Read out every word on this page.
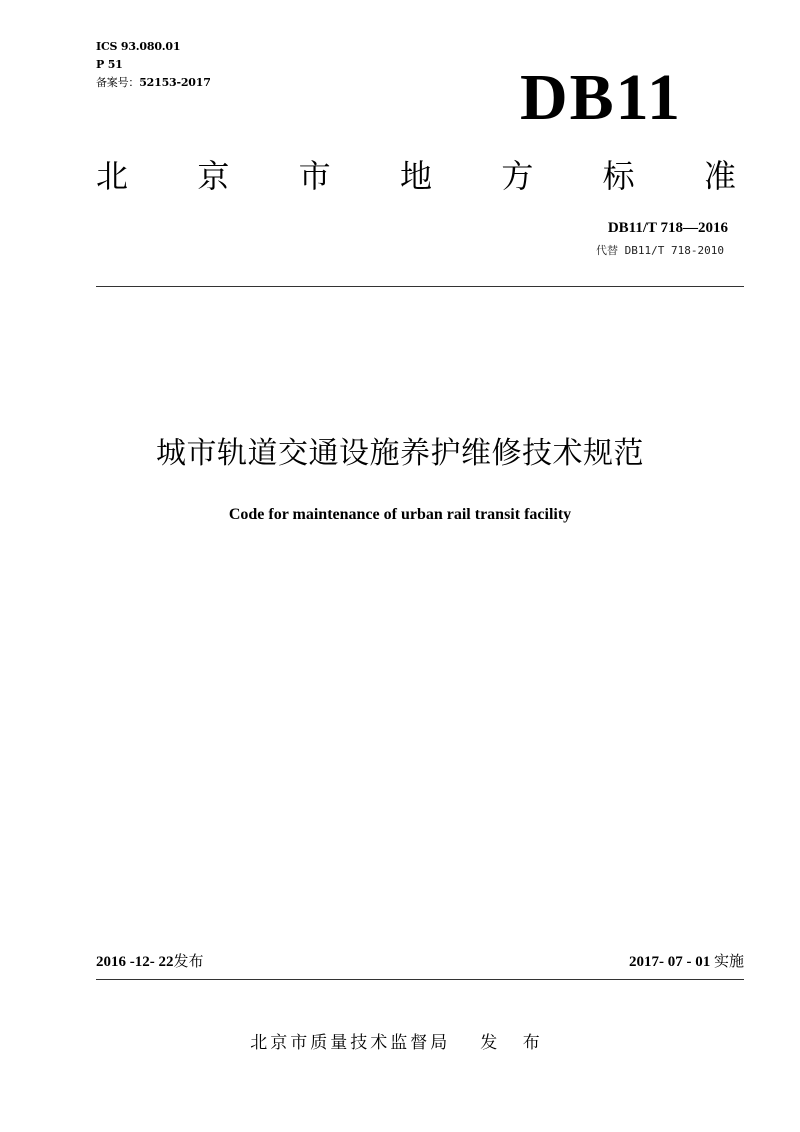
ICS 93.080.01
P 51
备案号：52153-2017	DB11
北 京 市 地 方 标 准
DB11/T 718—2016
代替 DB11/T 718-2010
城市轨道交通设施养护维修技术规范
Code for maintenance of urban rail transit facility
2016 -12- 22发布	2017- 07 - 01 实施
北京市质量技术监督局 发 布
